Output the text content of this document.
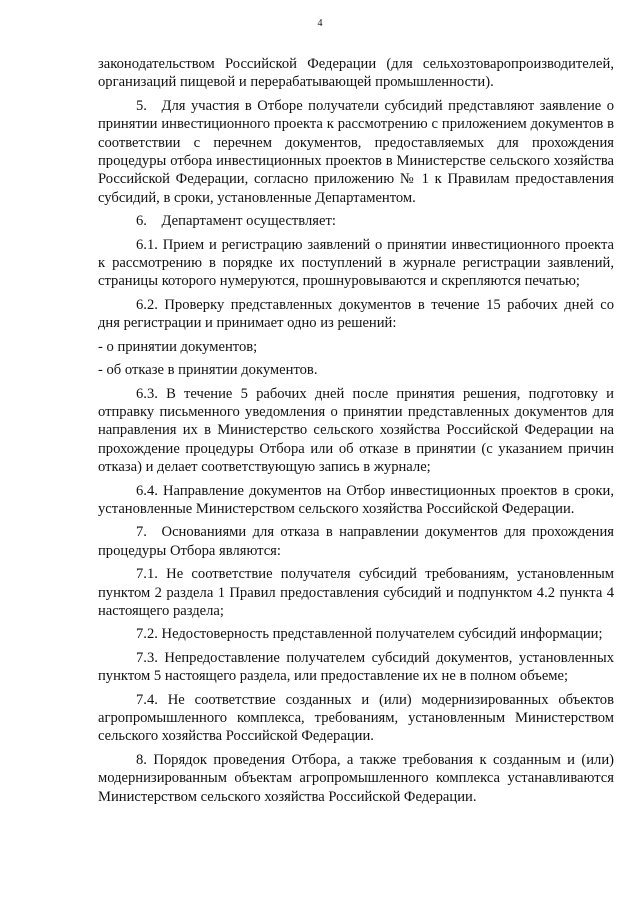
4

законодательством Российской Федерации (для сельхозтоваропроизводителей, организаций пищевой и перерабатывающей промышленности).

5. Для участия в Отборе получатели субсидий представляют заявление о принятии инвестиционного проекта к рассмотрению с приложением документов в соответствии с перечнем документов, предоставляемых для прохождения процедуры отбора инвестиционных проектов в Министерстве сельского хозяйства Российской Федерации, согласно приложению № 1 к Правилам предоставления субсидий, в сроки, установленные Департаментом.

6. Департамент осуществляет:

6.1. Прием и регистрацию заявлений о принятии инвестиционного проекта к рассмотрению в порядке их поступлений в журнале регистрации заявлений, страницы которого нумеруются, прошнуровываются и скрепляются печатью;

6.2. Проверку представленных документов в течение 15 рабочих дней со дня регистрации и принимает одно из решений:

- о принятии документов;

- об отказе в принятии документов.

6.3. В течение 5 рабочих дней после принятия решения, подготовку и отправку письменного уведомления о принятии представленных документов для направления их в Министерство сельского хозяйства Российской Федерации на прохождение процедуры Отбора или об отказе в принятии (с указанием причин отказа) и делает соответствующую запись в журнале;

6.4. Направление документов на Отбор инвестиционных проектов в сроки, установленные Министерством сельского хозяйства Российской Федерации.

7. Основаниями для отказа в направлении документов для прохождения процедуры Отбора являются:

7.1. Не соответствие получателя субсидий требованиям, установленным пунктом 2 раздела 1 Правил предоставления субсидий и подпунктом 4.2 пункта 4 настоящего раздела;

7.2. Недостоверность представленной получателем субсидий информации;

7.3. Непредоставление получателем субсидий документов, установленных пунктом 5 настоящего раздела, или предоставление их не в полном объеме;

7.4. Не соответствие созданных и (или) модернизированных объектов агропромышленного комплекса, требованиям, установленным Министерством сельского хозяйства Российской Федерации.

8. Порядок проведения Отбора, а также требования к созданным и (или) модернизированным объектам агропромышленного комплекса устанавливаются Министерством сельского хозяйства Российской Федерации.
